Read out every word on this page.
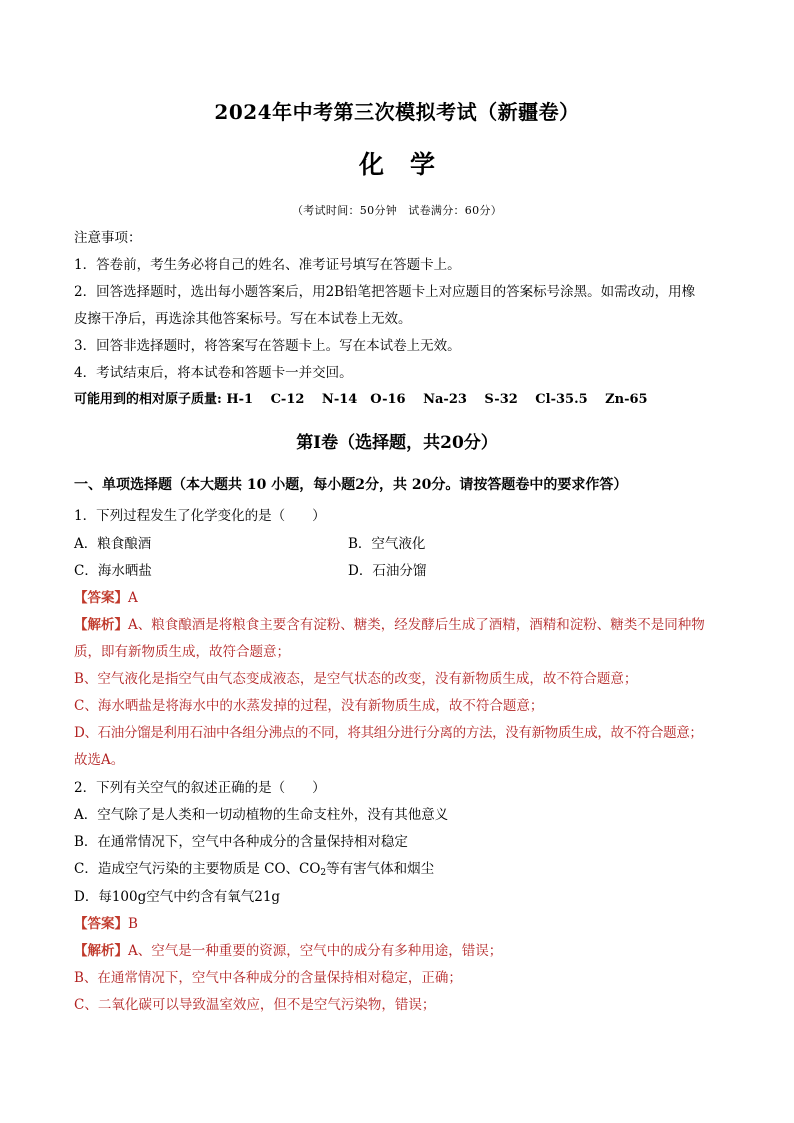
2024年中考第三次模拟考试（新疆卷）
化学
（考试时间：50分钟　试卷满分：60分）
注意事项：
1．答卷前，考生务必将自己的姓名、准考证号填写在答题卡上。
2．回答选择题时，选出每小题答案后，用2B铅笔把答题卡上对应题目的答案标号涂黑。如需改动，用橡
皮擦干净后，再选涂其他答案标号。写在本试卷上无效。
3．回答非选择题时，将答案写在答题卡上。写在本试卷上无效。
4．考试结束后，将本试卷和答题卡一并交回。
可能用到的相对原子质量: H-1　 C-12　 N-14　O-16　 Na-23　 S-32　 Cl-35.5　 Zn-65
第Ⅰ卷（选择题，共20分）
一、单项选择题（本大题共 10 小题，每小题2分，共 20分。请按答题卷中的要求作答）
1．下列过程发生了化学变化的是（　　）
A．粮食酿酒	B．空气液化
C．海水晒盐	D．石油分馏
【答案】A
【解析】A、粮食酿酒是将粮食主要含有淀粉、糖类，经发酵后生成了酒精，酒精和淀粉、糖类不是同种物
质，即有新物质生成，故符合题意；
B、空气液化是指空气由气态变成液态，是空气状态的改变，没有新物质生成，故不符合题意；
C、海水晒盐是将海水中的水蒸发掉的过程，没有新物质生成，故不符合题意；
D、石油分馏是利用石油中各组分沸点的不同，将其组分进行分离的方法，没有新物质生成，故不符合题意；
故选A。
2．下列有关空气的叙述正确的是（　　）
A．空气除了是人类和一切动植物的生命支柱外，没有其他意义
B．在通常情况下，空气中各种成分的含量保持相对稳定
C．造成空气污染的主要物质是 CO、$CO_2$等有害气体和烟尘
D．每100g空气中约含有氧气21g
【答案】B
【解析】A、空气是一种重要的资源，空气中的成分有多种用途，错误；
B、在通常情况下，空气中各种成分的含量保持相对稳定，正确；
C、二氧化碳可以导致温室效应，但不是空气污染物，错误；
